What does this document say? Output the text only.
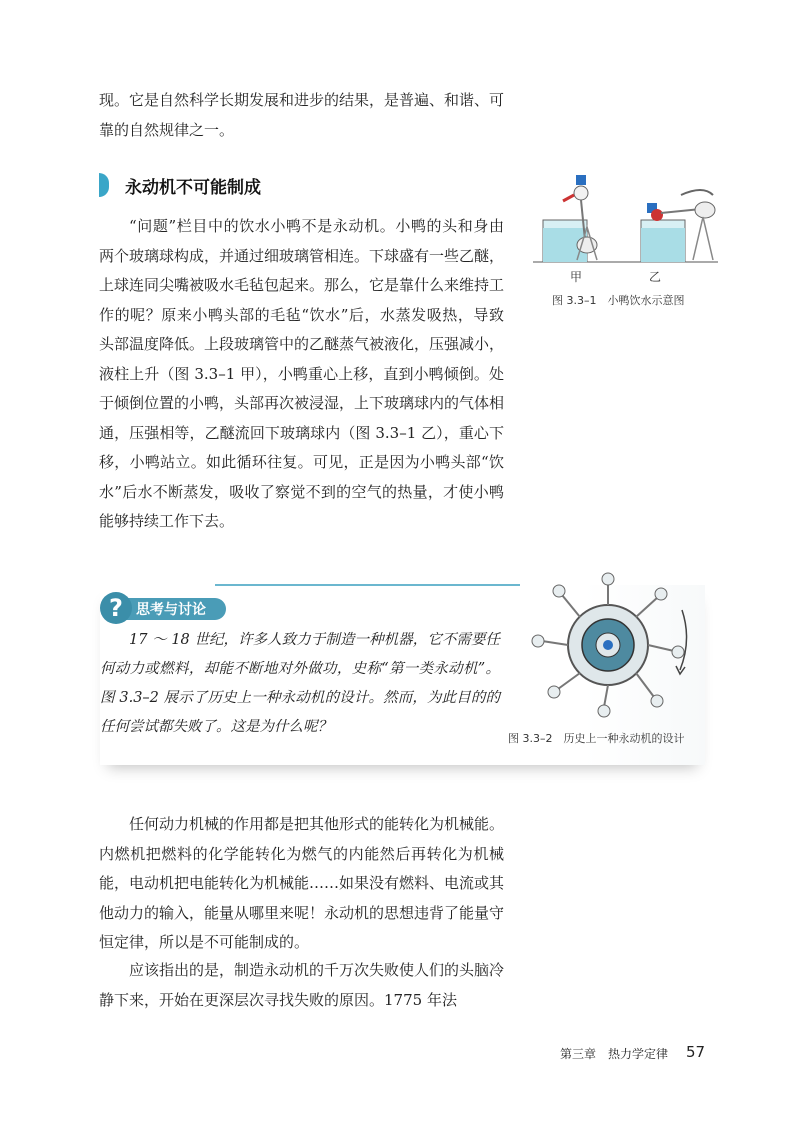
现。它是自然科学长期发展和进步的结果，是普遍、和谐、可靠的自然规律之一。

永动机不可能制成
甲	乙
图 3.3–1　小鸭饮水示意图

“问题”栏目中的饮水小鸭不是永动机。小鸭的头和身由两个玻璃球构成，并通过细玻璃管相连。下球盛有一些乙醚，上球连同尖嘴被吸水毛毡包起来。那么，它是靠什么来维持工作的呢？原来小鸭头部的毛毡“饮水”后，水蒸发吸热，导致头部温度降低。上段玻璃管中的乙醚蒸气被液化，压强减小，液柱上升（图 3.3–1 甲），小鸭重心上移，直到小鸭倾倒。处于倾倒位置的小鸭，头部再次被浸湿，上下玻璃球内的气体相通，压强相等，乙醚流回下玻璃球内（图 3.3–1 乙），重心下移，小鸭站立。如此循环往复。可见，正是因为小鸭头部“饮水”后水不断蒸发，吸收了察觉不到的空气的热量，才使小鸭能够持续工作下去。

? 思考与讨论

17 ～ 18 世纪，许多人致力于制造一种机器，它不需要任何动力或燃料，却能不断地对外做功，史称“第一类永动机”。图 3.3–2 展示了历史上一种永动机的设计。然而，为此目的的任何尝试都失败了。这是为什么呢？

图 3.3–2　历史上一种永动机的设计

任何动力机械的作用都是把其他形式的能转化为机械能。内燃机把燃料的化学能转化为燃气的内能然后再转化为机械能，电动机把电能转化为机械能……如果没有燃料、电流或其他动力的输入，能量从哪里来呢！永动机的思想违背了能量守恒定律，所以是不可能制成的。

应该指出的是，制造永动机的千万次失败使人们的头脑冷静下来，开始在更深层次寻找失败的原因。1775 年法

第三章　热力学定律 57
